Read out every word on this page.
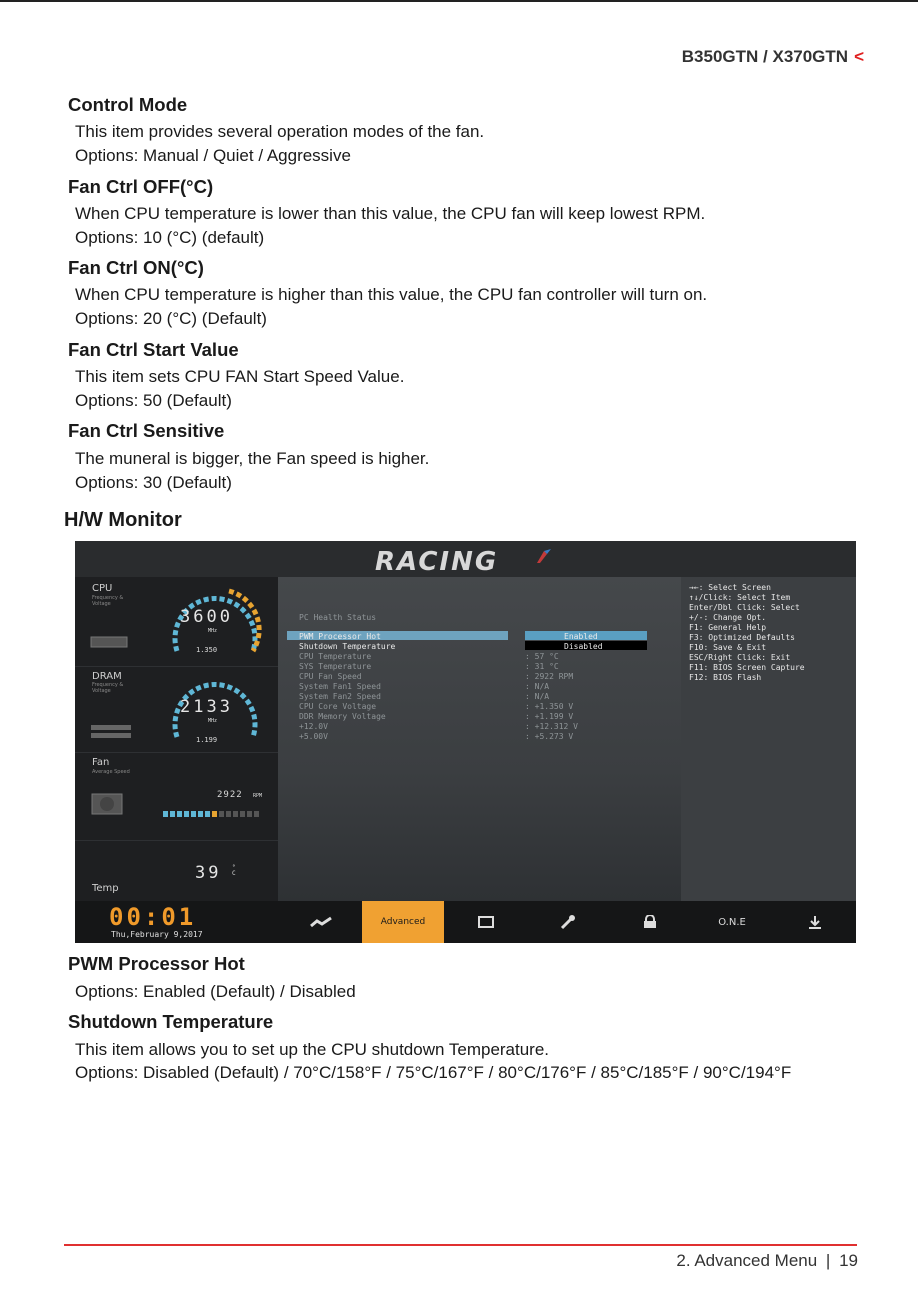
B350GTN / X370GTN <
Control Mode
This item provides several operation modes of the fan.
Options: Manual / Quiet / Aggressive
Fan Ctrl OFF(°C)
When CPU temperature is lower than this value, the CPU fan will keep lowest RPM.
Options: 10 (°C) (default)
Fan Ctrl ON(°C)
When CPU temperature is higher than this value, the CPU fan controller will turn on.
Options: 20 (°C) (Default)
Fan Ctrl Start Value
This item sets CPU FAN Start Speed Value.
Options: 50 (Default)
Fan Ctrl Sensitive
The muneral is bigger, the Fan speed is higher.
Options: 30 (Default)
H/W Monitor
RACING
CPU
Frequency & Voltage
3600
MHz
1.350
DRAM
Frequency & Voltage
2133
MHz
1.199
Fan
Average Speed
2922 RPM
Temp
39 °C
PC Health Status
PWM Processor Hot	Enabled
Shutdown Temperature	Disabled
CPU Temperature	: 57 °C
SYS Temperature	: 31 °C
CPU Fan Speed	: 2922 RPM
System Fan1 Speed	: N/A
System Fan2 Speed	: N/A
CPU Core Voltage	: +1.350 V
DDR Memory Voltage	: +1.199 V
+12.0V	: +12.312 V
+5.00V	: +5.273 V
→←: Select Screen
↑↓/Click: Select Item
Enter/Dbl Click: Select
+/-: Change Opt.
F1: General Help
F3: Optimized Defaults
F10: Save & Exit
ESC/Right Click: Exit
F11: BIOS Screen Capture
F12: BIOS Flash
00:01
Thu,February 9,2017
Advanced	O.N.E
PWM Processor Hot
Options: Enabled (Default) / Disabled
Shutdown Temperature
This item allows you to set up the CPU shutdown Temperature.
Options: Disabled (Default) / 70°C/158°F / 75°C/167°F / 80°C/176°F / 85°C/185°F / 90°C/194°F
2. Advanced Menu | 19
